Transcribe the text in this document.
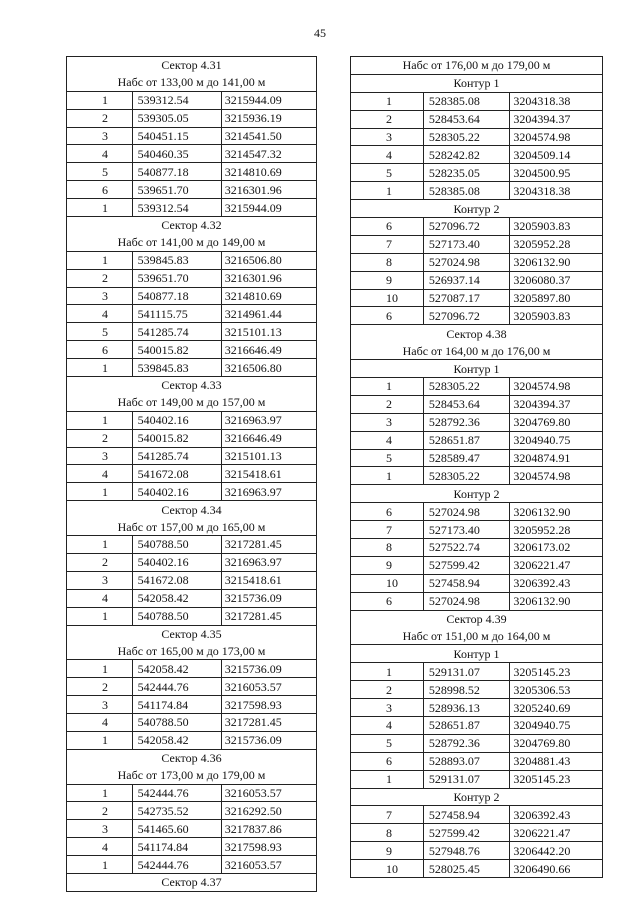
45
Сектор 4.31		
Набс от 133,00 м до 141,00 м		
1	539312.54	3215944.09
2	539305.05	3215936.19
3	540451.15	3214541.50
4	540460.35	3214547.32
5	540877.18	3214810.69
6	539651.70	3216301.96
1	539312.54	3215944.09
Сектор 4.32		
Набс от 141,00 м до 149,00 м		
1	539845.83	3216506.80
2	539651.70	3216301.96
3	540877.18	3214810.69
4	541115.75	3214961.44
5	541285.74	3215101.13
6	540015.82	3216646.49
1	539845.83	3216506.80
Сектор 4.33		
Набс от 149,00 м до 157,00 м		
1	540402.16	3216963.97
2	540015.82	3216646.49
3	541285.74	3215101.13
4	541672.08	3215418.61
1	540402.16	3216963.97
Сектор 4.34		
Набс от 157,00 м до 165,00 м		
1	540788.50	3217281.45
2	540402.16	3216963.97
3	541672.08	3215418.61
4	542058.42	3215736.09
1	540788.50	3217281.45
Сектор 4.35		
Набс от 165,00 м до 173,00 м		
1	542058.42	3215736.09
2	542444.76	3216053.57
3	541174.84	3217598.93
4	540788.50	3217281.45
1	542058.42	3215736.09
Сектор 4.36		
Набс от 173,00 м до 179,00 м		
1	542444.76	3216053.57
2	542735.52	3216292.50
3	541465.60	3217837.86
4	541174.84	3217598.93
1	542444.76	3216053.57
Сектор 4.37		
Набс от 176,00 м до 179,00 м		
Контур 1		
1	528385.08	3204318.38
2	528453.64	3204394.37
3	528305.22	3204574.98
4	528242.82	3204509.14
5	528235.05	3204500.95
1	528385.08	3204318.38
Контур 2		
6	527096.72	3205903.83
7	527173.40	3205952.28
8	527024.98	3206132.90
9	526937.14	3206080.37
10	527087.17	3205897.80
6	527096.72	3205903.83
Сектор 4.38		
Набс от 164,00 м до 176,00 м		
Контур 1		
1	528305.22	3204574.98
2	528453.64	3204394.37
3	528792.36	3204769.80
4	528651.87	3204940.75
5	528589.47	3204874.91
1	528305.22	3204574.98
Контур 2		
6	527024.98	3206132.90
7	527173.40	3205952.28
8	527522.74	3206173.02
9	527599.42	3206221.47
10	527458.94	3206392.43
6	527024.98	3206132.90
Сектор 4.39		
Набс от 151,00 м до 164,00 м		
Контур 1		
1	529131.07	3205145.23
2	528998.52	3205306.53
3	528936.13	3205240.69
4	528651.87	3204940.75
5	528792.36	3204769.80
6	528893.07	3204881.43
1	529131.07	3205145.23
Контур 2		
7	527458.94	3206392.43
8	527599.42	3206221.47
9	527948.76	3206442.20
10	528025.45	3206490.66
